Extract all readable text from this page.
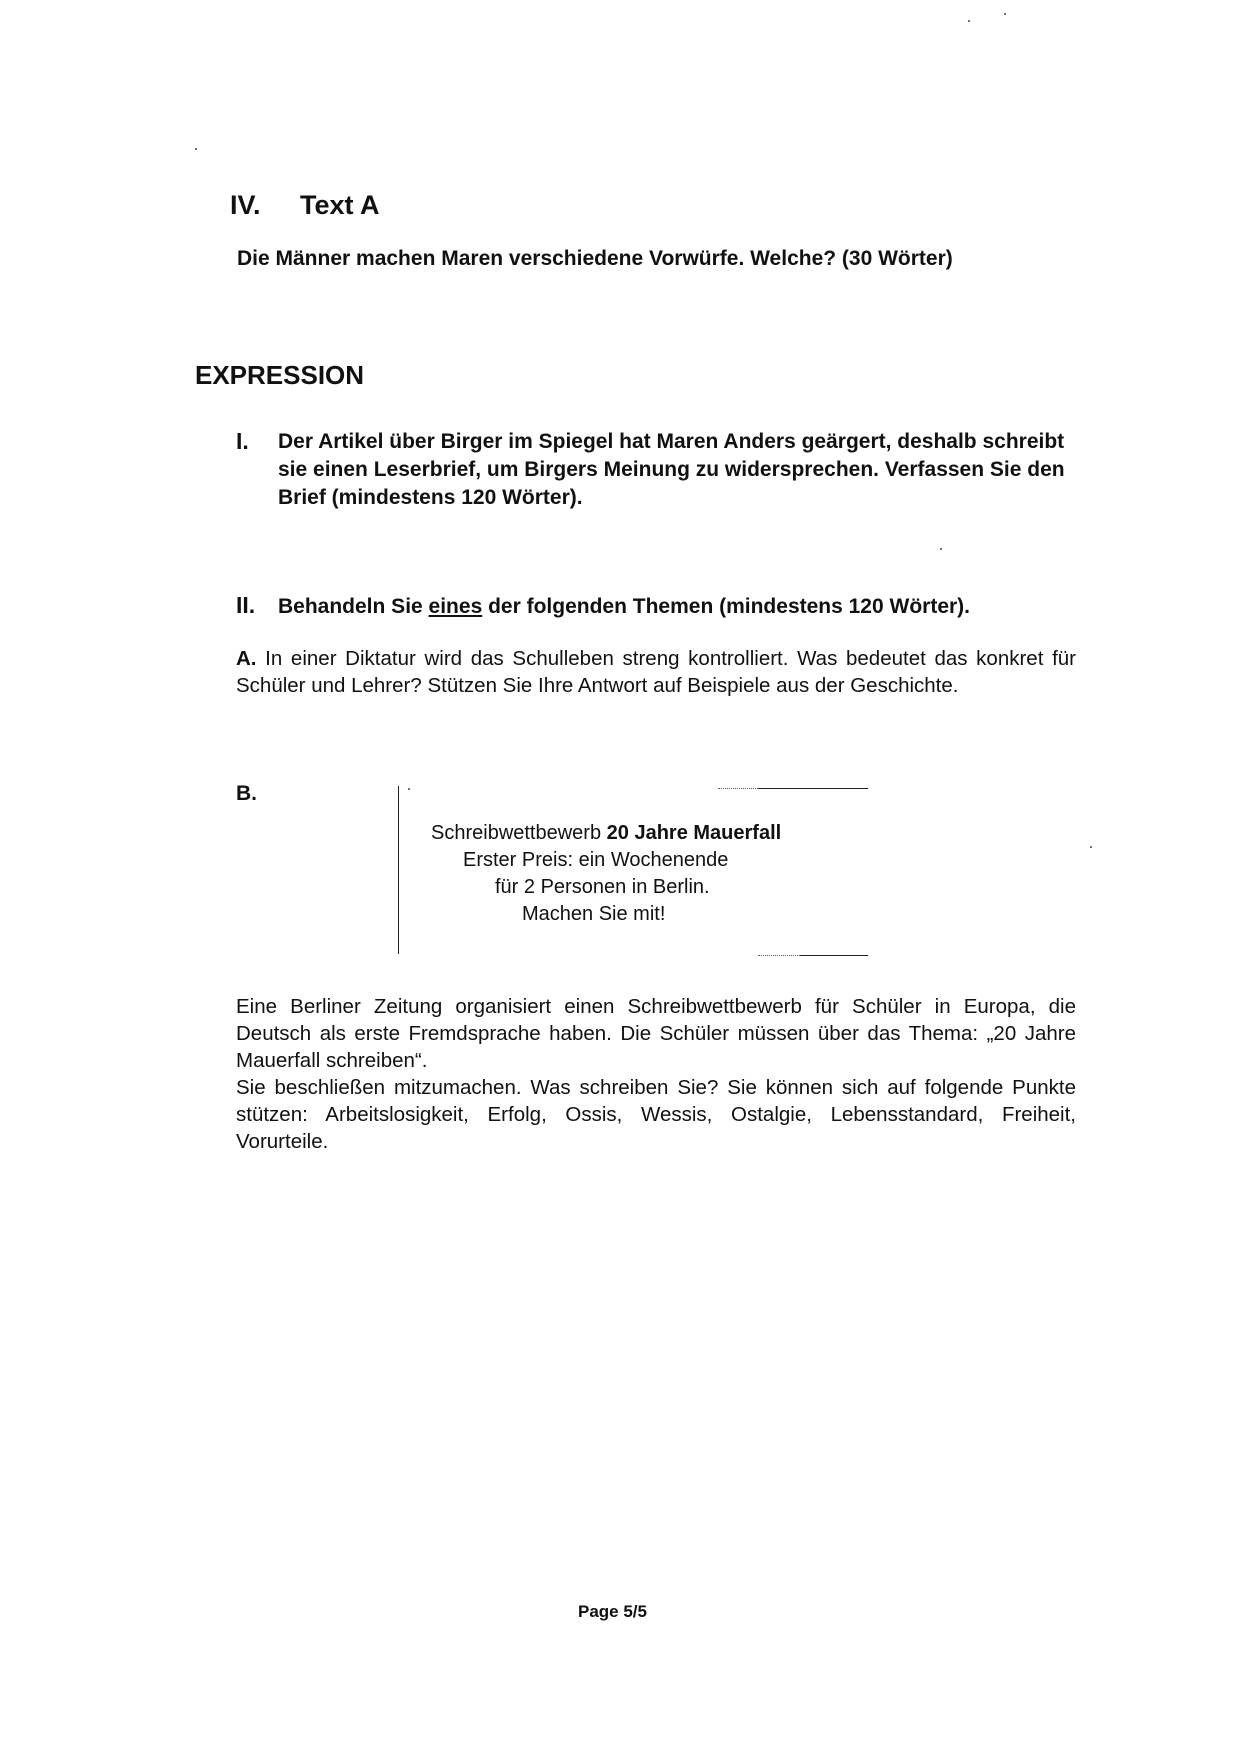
IV. Text A
Die Männer machen Maren verschiedene Vorwürfe. Welche? (30 Wörter)
EXPRESSION
I. Der Artikel über Birger im Spiegel hat Maren Anders geärgert, deshalb schreibt sie einen Leserbrief, um Birgers Meinung zu widersprechen. Verfassen Sie den Brief (mindestens 120 Wörter).
II. Behandeln Sie eines der folgenden Themen (mindestens 120 Wörter).
A. In einer Diktatur wird das Schulleben streng kontrolliert. Was bedeutet das konkret für Schüler und Lehrer? Stützen Sie Ihre Antwort auf Beispiele aus der Geschichte.
B.
Schreibwettbewerb 20 Jahre Mauerfall
Erster Preis: ein Wochenende
für 2 Personen in Berlin.
Machen Sie mit!

Eine Berliner Zeitung organisiert einen Schreibwettbewerb für Schüler in Europa, die Deutsch als erste Fremdsprache haben. Die Schüler müssen über das Thema: „20 Jahre Mauerfall schreiben“.

Sie beschließen mitzumachen. Was schreiben Sie? Sie können sich auf folgende Punkte stützen: Arbeitslosigkeit, Erfolg, Ossis, Wessis, Ostalgie, Lebensstandard, Freiheit, Vorurteile.

Page 5/5
